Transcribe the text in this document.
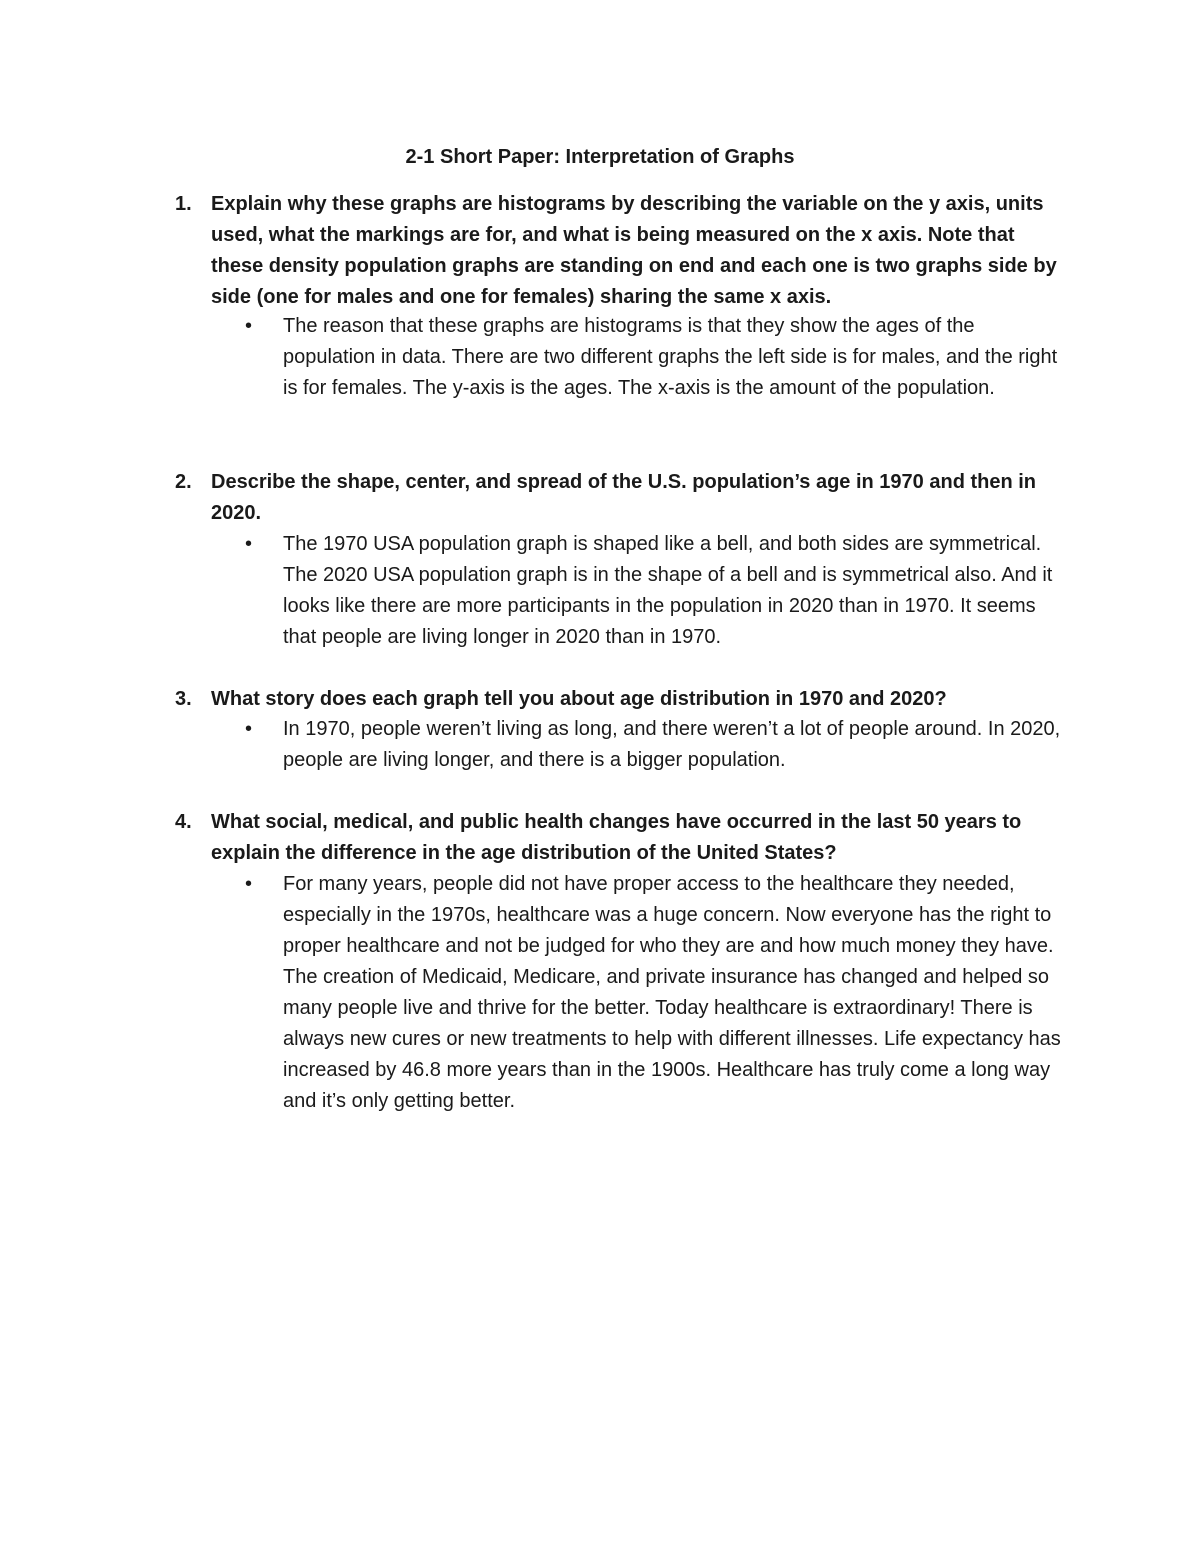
2-1 Short Paper: Interpretation of Graphs
1. Explain why these graphs are histograms by describing the variable on the y axis, units used, what the markings are for, and what is being measured on the x axis. Note that these density population graphs are standing on end and each one is two graphs side by side (one for males and one for females) sharing the same x axis.
•	The reason that these graphs are histograms is that they show the ages of the population in data. There are two different graphs the left side is for males, and the right is for females. The y-axis is the ages. The x-axis is the amount of the population.
2. Describe the shape, center, and spread of the U.S. population’s age in 1970 and then in 2020.
•	The 1970 USA population graph is shaped like a bell, and both sides are symmetrical. The 2020 USA population graph is in the shape of a bell and is symmetrical also. And it looks like there are more participants in the population in 2020 than in 1970. It seems that people are living longer in 2020 than in 1970.
3. What story does each graph tell you about age distribution in 1970 and 2020?
•	In 1970, people weren’t living as long, and there weren’t a lot of people around. In 2020, people are living longer, and there is a bigger population.
4. What social, medical, and public health changes have occurred in the last 50 years to explain the difference in the age distribution of the United States?
•	For many years, people did not have proper access to the healthcare they needed, especially in the 1970s, healthcare was a huge concern. Now everyone has the right to proper healthcare and not be judged for who they are and how much money they have. The creation of Medicaid, Medicare, and private insurance has changed and helped so many people live and thrive for the better. Today healthcare is extraordinary! There is always new cures or new treatments to help with different illnesses. Life expectancy has increased by 46.8 more years than in the 1900s. Healthcare has truly come a long way and it’s only getting better.
